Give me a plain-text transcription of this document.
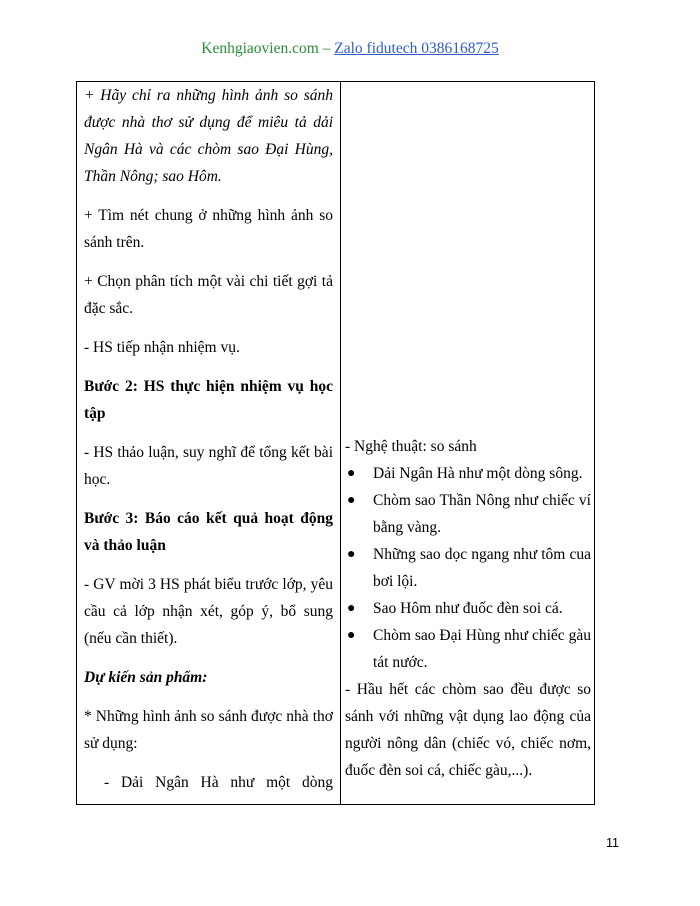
Kenhgiaovien.com – Zalo fidutech 0386168725

+ Hãy chỉ ra những hình ảnh so sánh được nhà thơ sử dụng để miêu tả dải Ngân Hà và các chòm sao Đại Hùng, Thần Nông; sao Hôm.

+ Tìm nét chung ở những hình ảnh so sánh trên.

+ Chọn phân tích một vài chi tiết gợi tả đặc sắc.

- HS tiếp nhận nhiệm vụ.

Bước 2: HS thực hiện nhiệm vụ học tập

- HS thảo luận, suy nghĩ để tổng kết bài học.

Bước 3: Báo cáo kết quả hoạt động và thảo luận

- GV mời 3 HS phát biểu trước lớp, yêu cầu cả lớp nhận xét, góp ý, bổ sung (nếu cần thiết).

Dự kiến sản phẩm:

* Những hình ảnh so sánh được nhà thơ sử dụng:

- Dải Ngân Hà như một dòng

- Nghệ thuật: so sánh

● Dải Ngân Hà như một dòng sông.
● Chòm sao Thần Nông như chiếc ví bằng vàng.
● Những sao dọc ngang như tôm cua bơi lội.
● Sao Hôm như đuốc đèn soi cá.
● Chòm sao Đại Hùng như chiếc gàu tát nước.

- Hầu hết các chòm sao đều được so sánh với những vật dụng lao động của người nông dân (chiếc vó, chiếc nơm, đuốc đèn soi cá, chiếc gàu,...).

11
